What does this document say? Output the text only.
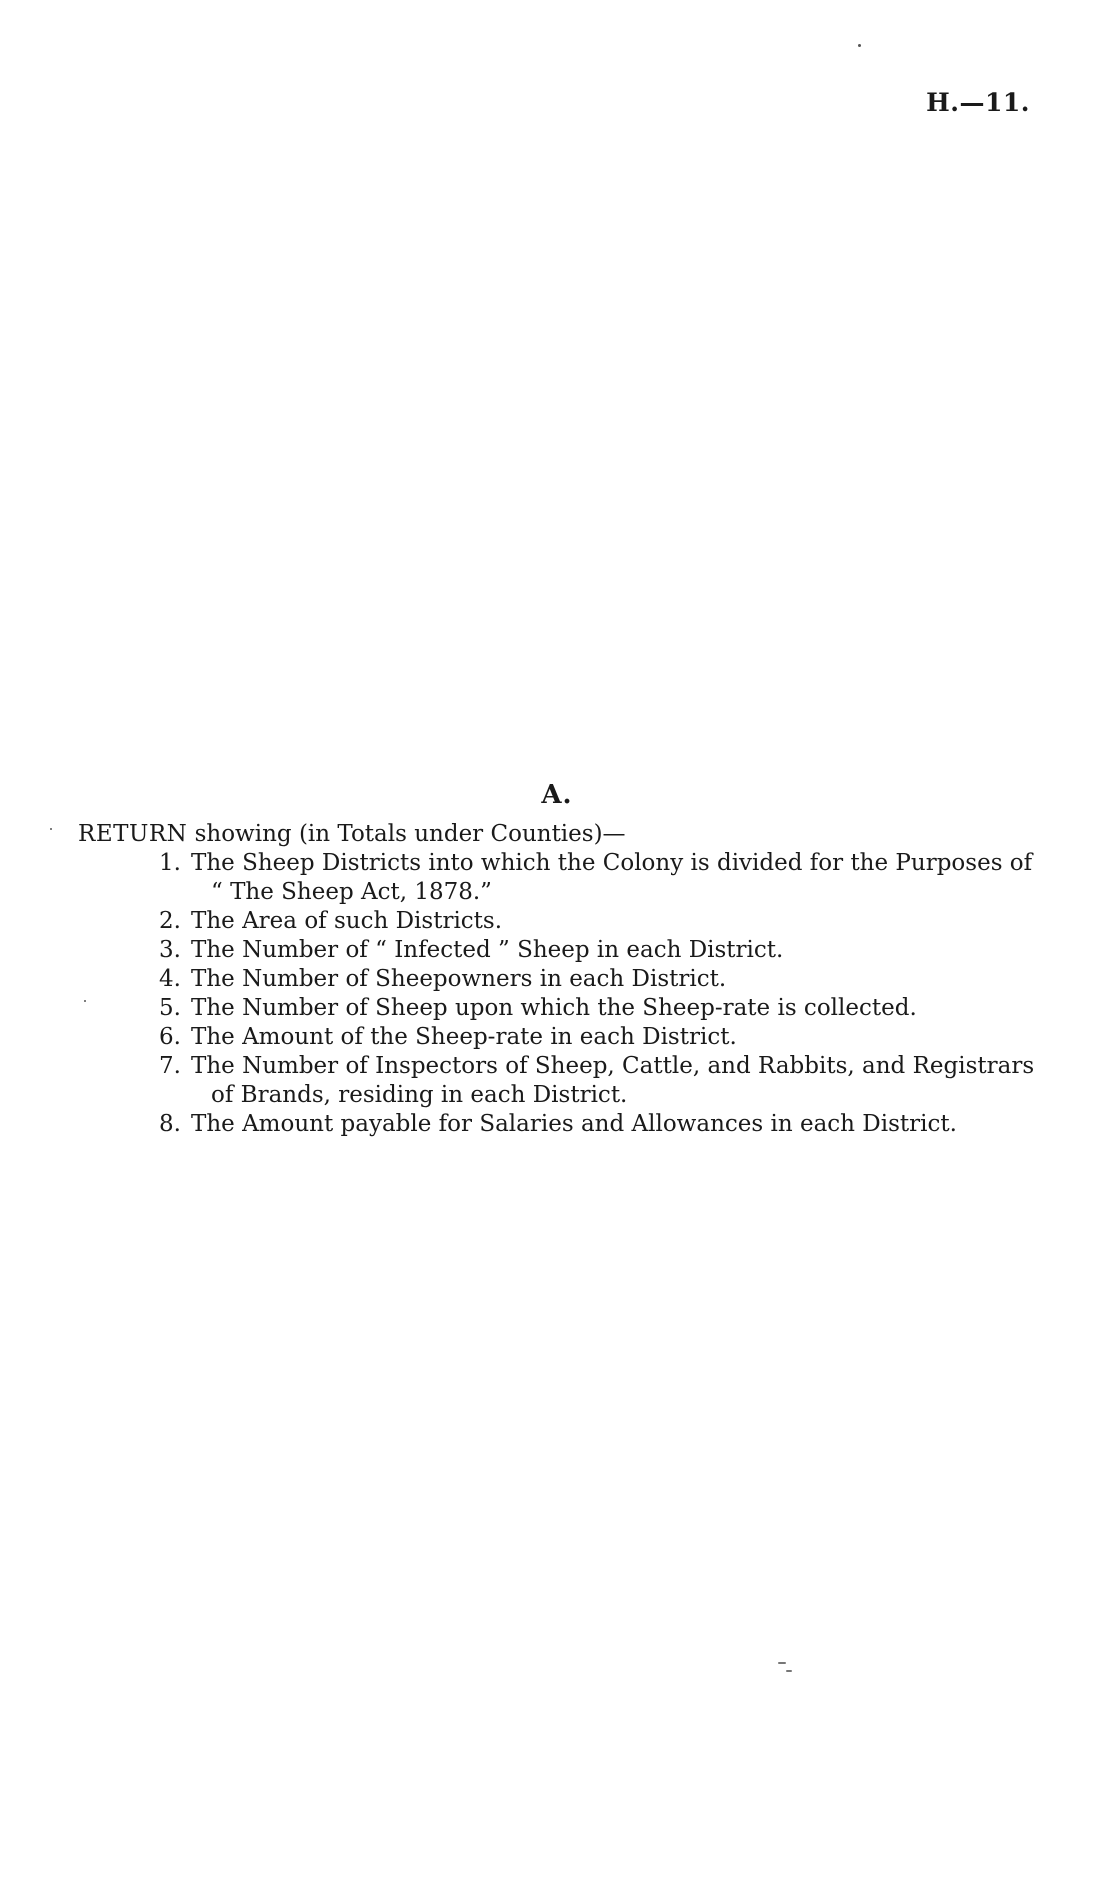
H.—11.
A.
RETURN showing (in Totals under Counties)—
1. The Sheep Districts into which the Colony is divided for the Purposes of
“ The Sheep Act, 1878.”
2. The Area of such Districts.
3. The Number of “ Infected ” Sheep in each District.
4. The Number of Sheepowners in each District.
5. The Number of Sheep upon which the Sheep-rate is collected.
6. The Amount of the Sheep-rate in each District.
7. The Number of Inspectors of Sheep, Cattle, and Rabbits, and Registrars
of Brands, residing in each District.
8. The Amount payable for Salaries and Allowances in each District.
